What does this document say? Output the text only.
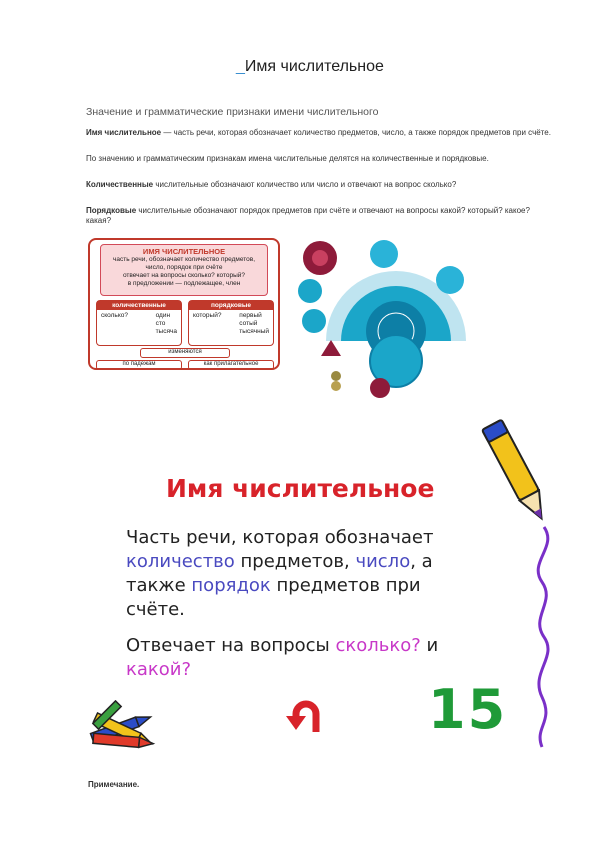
_Имя числительное
Значение и грамматические признаки имени числительного
Имя числительное — часть речи, которая обозначает количество предметов, число, а также порядок предметов при счёте.
По значению и грамматическим признакам имена числительные делятся на количественные и порядковые.
Количественные числительные обозначают количество или число и отвечают на вопрос сколько?
Порядковые числительные обозначают порядок предметов при счёте и отвечают на вопросы какой? который? какое? какая?
ИМЯ ЧИСЛИТЕЛЬНОЕ
часть речи, обозначает количество предметов,
число, порядок при счёте
отвечает на вопросы сколько? который?
в предложении — подлежащее, член
количественные
сколько?	один
сто
тысяча
порядковые
который?	первый
сотый
тысячный
изменяются
по падежам	как прилагательное
Имя числительное
Часть речи, которая обозначает
количество предметов, число, а
также порядок предметов при
счёте.
Отвечает на вопросы сколько? и
какой?
15
Примечание.
